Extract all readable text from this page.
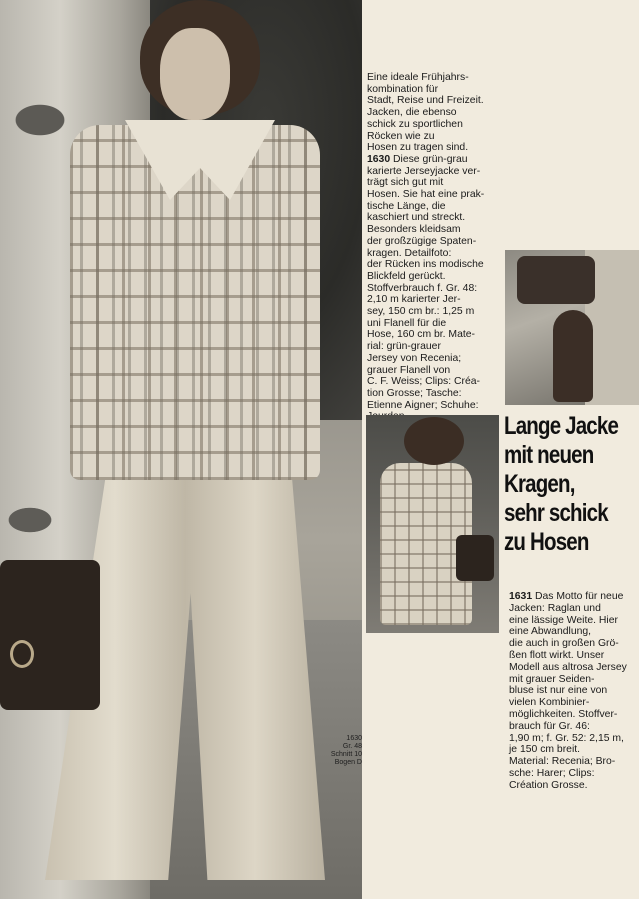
1630
Gr. 48
Schnitt 10
Bogen D

Eine ideale Frühjahrs-

kombination für

Stadt, Reise und Freizeit.

Jacken, die ebenso

schick zu sportlichen

Röcken wie zu

Hosen zu tragen sind.

1630 Diese grün-grau

karierte Jerseyjacke ver-

trägt sich gut mit

Hosen. Sie hat eine prak-

tische Länge, die

kaschiert und streckt.

Besonders kleidsam

der großzügige Spaten-

kragen. Detailfoto:

der Rücken ins modische

Blickfeld gerückt.

Stoffverbrauch f. Gr. 48:

2,10 m karierter Jer-

sey, 150 cm br.: 1,25 m

uni Flanell für die

Hose, 160 cm br. Mate-

rial: grün-grauer

Jersey von Recenia;

grauer Flanell von

C. F. Weiss; Clips: Créa-

tion Grosse; Tasche:

Etienne Aigner; Schuhe:

Lange Jacke
mit neuen
Kragen,
sehr schick
zu Hosen

1631 Das Motto für neue

Jacken: Raglan und

eine lässige Weite. Hier

eine Abwandlung,

die auch in großen Grö-

ßen flott wirkt. Unser

Modell aus altrosa Jersey

mit grauer Seiden-

bluse ist nur eine von

vielen Kombinier-

möglichkeiten. Stoffver-

brauch für Gr. 46:

1,90 m; f. Gr. 52: 2,15 m,

je 150 cm breit.

Material: Recenia; Bro-

sche: Harer; Clips:

Création Grosse.
